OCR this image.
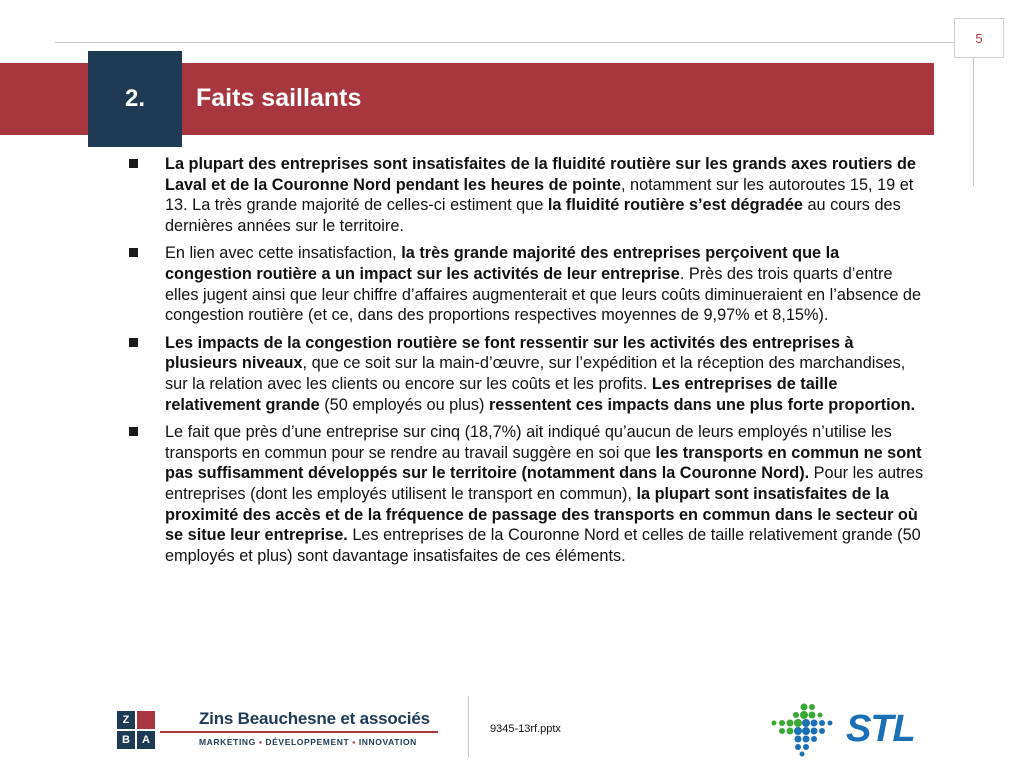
5
2. Faits saillants
La plupart des entreprises sont insatisfaites de la fluidité routière sur les grands axes routiers de Laval et de la Couronne Nord pendant les heures de pointe, notamment sur les autoroutes 15, 19 et 13. La très grande majorité de celles-ci estiment que la fluidité routière s’est dégradée au cours des dernières années sur le territoire.
En lien avec cette insatisfaction, la très grande majorité des entreprises perçoivent que la congestion routière a un impact sur les activités de leur entreprise. Près des trois quarts d’entre elles jugent ainsi que leur chiffre d’affaires augmenterait et que leurs coûts diminueraient en l’absence de congestion routière (et ce, dans des proportions respectives moyennes de 9,97% et 8,15%).
Les impacts de la congestion routière se font ressentir sur les activités des entreprises à plusieurs niveaux, que ce soit sur la main-d’œuvre, sur l’expédition et la réception des marchandises, sur la relation avec les clients ou encore sur les coûts et les profits. Les entreprises de taille relativement grande (50 employés ou plus) ressentent ces impacts dans une plus forte proportion.
Le fait que près d’une entreprise sur cinq (18,7%) ait indiqué qu’aucun de leurs employés n’utilise les transports en commun pour se rendre au travail suggère en soi que les transports en commun ne sont pas suffisamment développés sur le territoire (notamment dans la Couronne Nord). Pour les autres entreprises (dont les employés utilisent le transport en commun), la plupart sont insatisfaites de la proximité des accès et de la fréquence de passage des transports en commun dans le secteur où se situe leur entreprise. Les entreprises de la Couronne Nord et celles de taille relativement grande (50 employés et plus) sont davantage insatisfaites de ces éléments.
Z
B	A
Zins Beauchesne et associés
MARKETING ▪ DÉVELOPPEMENT ▪ INNOVATION
9345-13rf.pptx	STL
